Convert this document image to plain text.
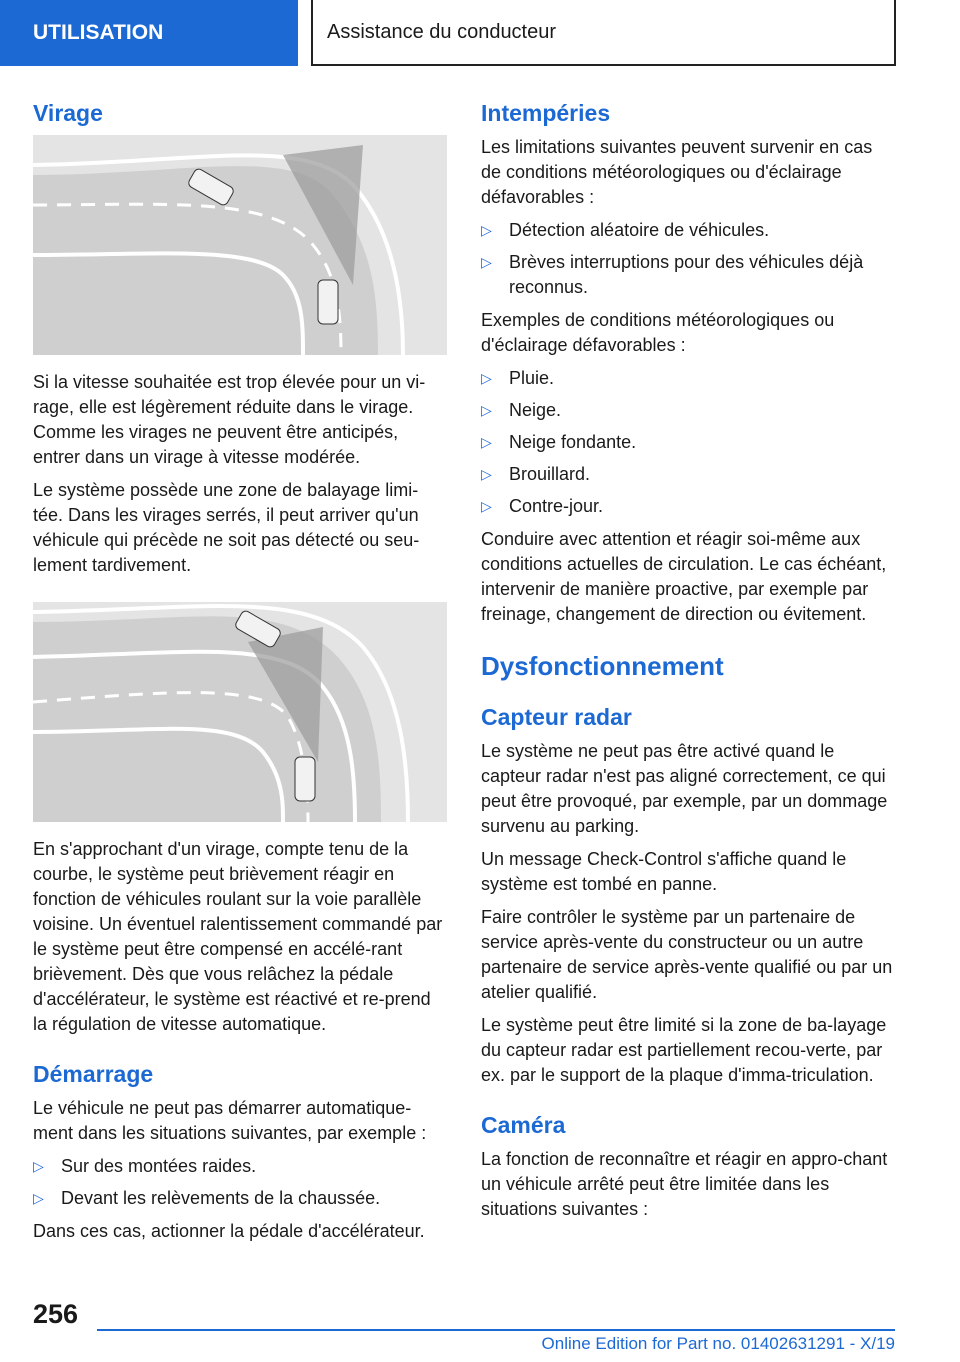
UTILISATION	Assistance du conducteur
Virage

Si la vitesse souhaitée est trop élevée pour un vi-rage, elle est légèrement réduite dans le virage. Comme les virages ne peuvent être anticipés, entrer dans un virage à vitesse modérée.

Le système possède une zone de balayage limi-tée. Dans les virages serrés, il peut arriver qu'un véhicule qui précède ne soit pas détecté ou seu-lement tardivement.

En s'approchant d'un virage, compte tenu de la courbe, le système peut brièvement réagir en fonction de véhicules roulant sur la voie parallèle voisine. Un éventuel ralentissement commandé par le système peut être compensé en accélé-rant brièvement. Dès que vous relâchez la pédale d'accélérateur, le système est réactivé et re-prend la régulation de vitesse automatique.

Démarrage

Le véhicule ne peut pas démarrer automatique-ment dans les situations suivantes, par exemple :

▷ Sur des montées raides.
▷ Devant les relèvements de la chaussée.

Dans ces cas, actionner la pédale d'accélérateur.

Intempéries

Les limitations suivantes peuvent survenir en cas de conditions météorologiques ou d'éclairage défavorables :

▷ Détection aléatoire de véhicules.
▷ Brèves interruptions pour des véhicules déjà reconnus.

Exemples de conditions météorologiques ou d'éclairage défavorables :

▷ Pluie.
▷ Neige.
▷ Neige fondante.
▷ Brouillard.
▷ Contre-jour.

Conduire avec attention et réagir soi-même aux conditions actuelles de circulation. Le cas échéant, intervenir de manière proactive, par exemple par freinage, changement de direction ou évitement.

Dysfonctionnement
Capteur radar

Le système ne peut pas être activé quand le capteur radar n'est pas aligné correctement, ce qui peut être provoqué, par exemple, par un dommage survenu au parking.

Un message Check-Control s'affiche quand le système est tombé en panne.

Faire contrôler le système par un partenaire de service après-vente du constructeur ou un autre partenaire de service après-vente qualifié ou par un atelier qualifié.

Le système peut être limité si la zone de ba-layage du capteur radar est partiellement recou-verte, par ex. par le support de la plaque d'imma-triculation.

Caméra

La fonction de reconnaître et réagir en appro-chant un véhicule arrêté peut être limitée dans les situations suivantes :

256
Online Edition for Part no. 01402631291 - X/19
